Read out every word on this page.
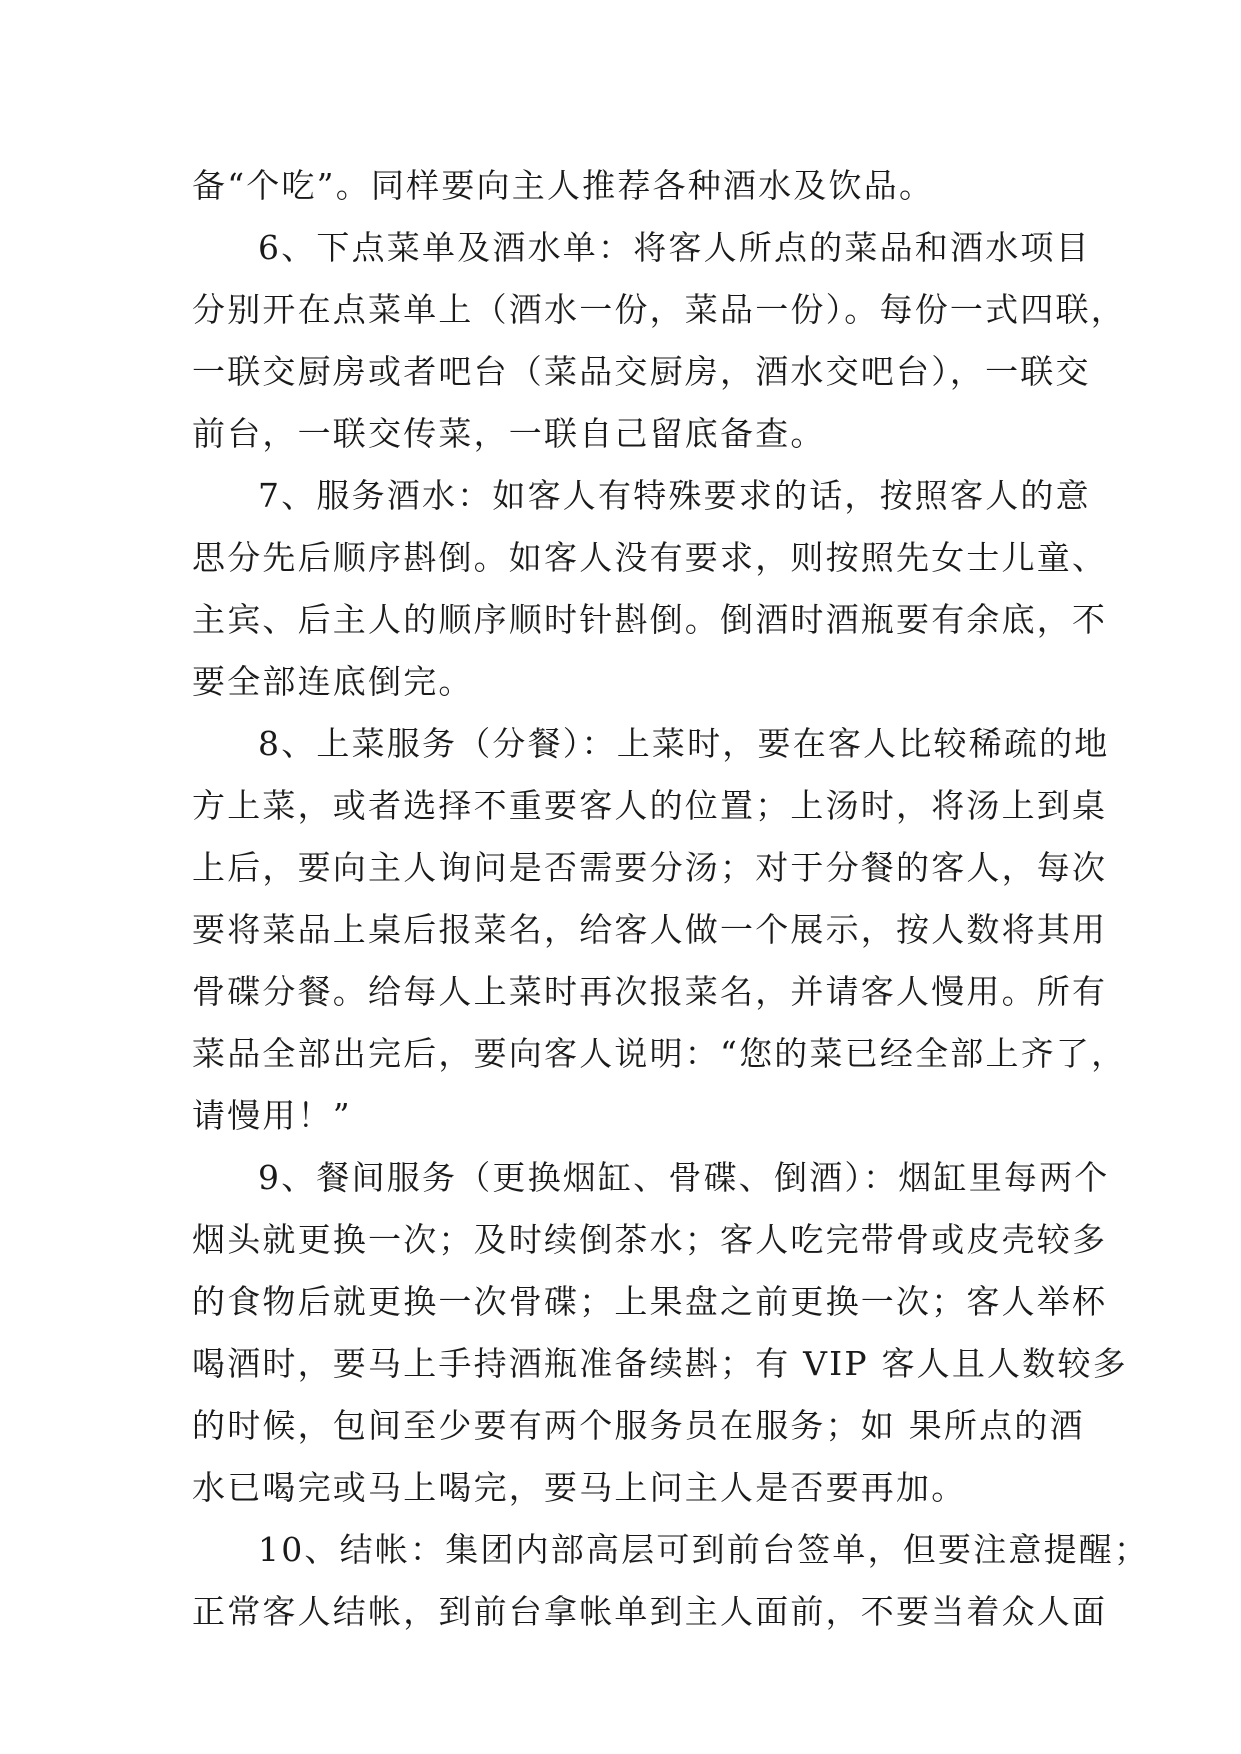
备“个吃”。同样要向主人推荐各种酒水及饮品。
6、下点菜单及酒水单：将客人所点的菜品和酒水项目
分别开在点菜单上（酒水一份，菜品一份）。每份一式四联，
一联交厨房或者吧台（菜品交厨房，酒水交吧台），一联交
前台，一联交传菜，一联自己留底备查。
7、服务酒水：如客人有特殊要求的话，按照客人的意
思分先后顺序斟倒。如客人没有要求，则按照先女士儿童、
主宾、后主人的顺序顺时针斟倒。倒酒时酒瓶要有余底，不
要全部连底倒完。
8、上菜服务（分餐）：上菜时，要在客人比较稀疏的地
方上菜，或者选择不重要客人的位置；上汤时，将汤上到桌
上后，要向主人询问是否需要分汤；对于分餐的客人，每次
要将菜品上桌后报菜名，给客人做一个展示，按人数将其用
骨碟分餐。给每人上菜时再次报菜名，并请客人慢用。所有
菜品全部出完后，要向客人说明：“您的菜已经全部上齐了，
请慢用！”
9、餐间服务（更换烟缸、骨碟、倒酒）：烟缸里每两个
烟头就更换一次；及时续倒茶水；客人吃完带骨或皮壳较多
的食物后就更换一次骨碟；上果盘之前更换一次；客人举杯
喝酒时，要马上手持酒瓶准备续斟；有 VIP 客人且人数较多
的时候，包间至少要有两个服务员在服务；如 果所点的酒
水已喝完或马上喝完，要马上问主人是否要再加。
10、结帐：集团内部高层可到前台签单，但要注意提醒；
正常客人结帐，到前台拿帐单到主人面前，不要当着众人面
